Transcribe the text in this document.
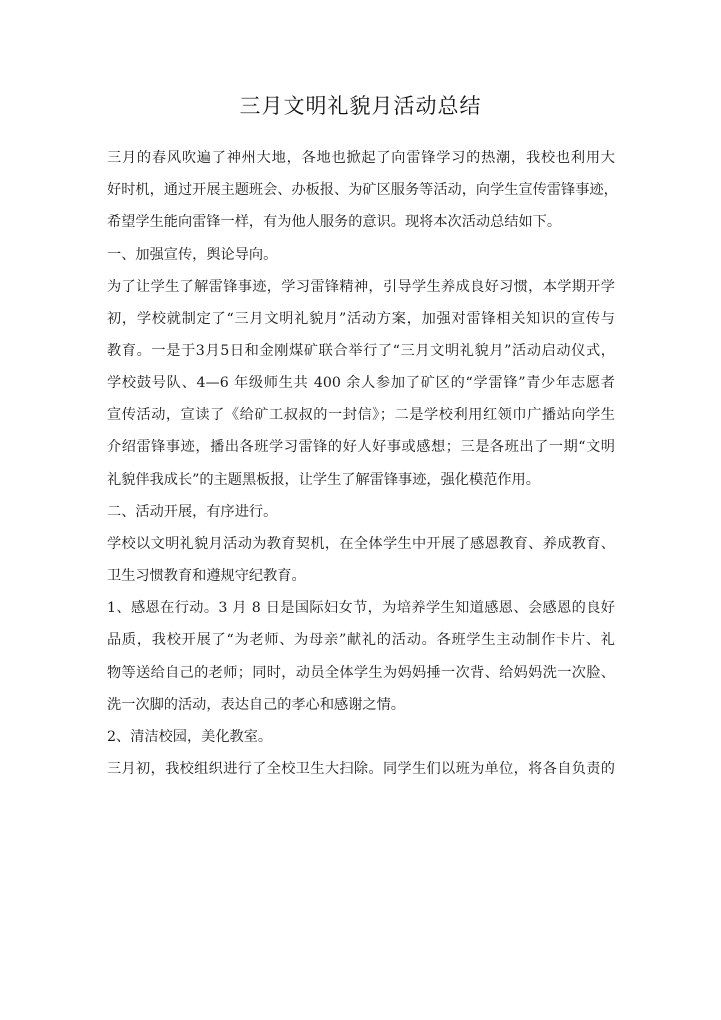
三月文明礼貌月活动总结
三月的春风吹遍了神州大地，各地也掀起了向雷锋学习的热潮，我校也利用大
好时机，通过开展主题班会、办板报、为矿区服务等活动，向学生宣传雷锋事迹，
希望学生能向雷锋一样，有为他人服务的意识。现将本次活动总结如下。
一、加强宣传，舆论导向。
为了让学生了解雷锋事迹，学习雷锋精神，引导学生养成良好习惯，本学期开学
初，学校就制定了“三月文明礼貌月”活动方案，加强对雷锋相关知识的宣传与
教育。一是于3月5日和金刚煤矿联合举行了“三月文明礼貌月”活动启动仪式，
学校鼓号队、4—6 年级师生共 400 余人参加了矿区的“学雷锋”青少年志愿者
宣传活动，宣读了《给矿工叔叔的一封信》；二是学校利用红领巾广播站向学生
介绍雷锋事迹，播出各班学习雷锋的好人好事或感想；三是各班出了一期“文明
礼貌伴我成长”的主题黑板报，让学生了解雷锋事迹，强化模范作用。
二、活动开展，有序进行。
学校以文明礼貌月活动为教育契机，在全体学生中开展了感恩教育、养成教育、
卫生习惯教育和遵规守纪教育。
1、感恩在行动。3 月 8 日是国际妇女节，为培养学生知道感恩、会感恩的良好
品质，我校开展了“为老师、为母亲”献礼的活动。各班学生主动制作卡片、礼
物等送给自己的老师；同时，动员全体学生为妈妈捶一次背、给妈妈洗一次脸、
洗一次脚的活动，表达自己的孝心和感谢之情。
2、清洁校园，美化教室。
三月初，我校组织进行了全校卫生大扫除。同学生们以班为单位，将各自负责的
